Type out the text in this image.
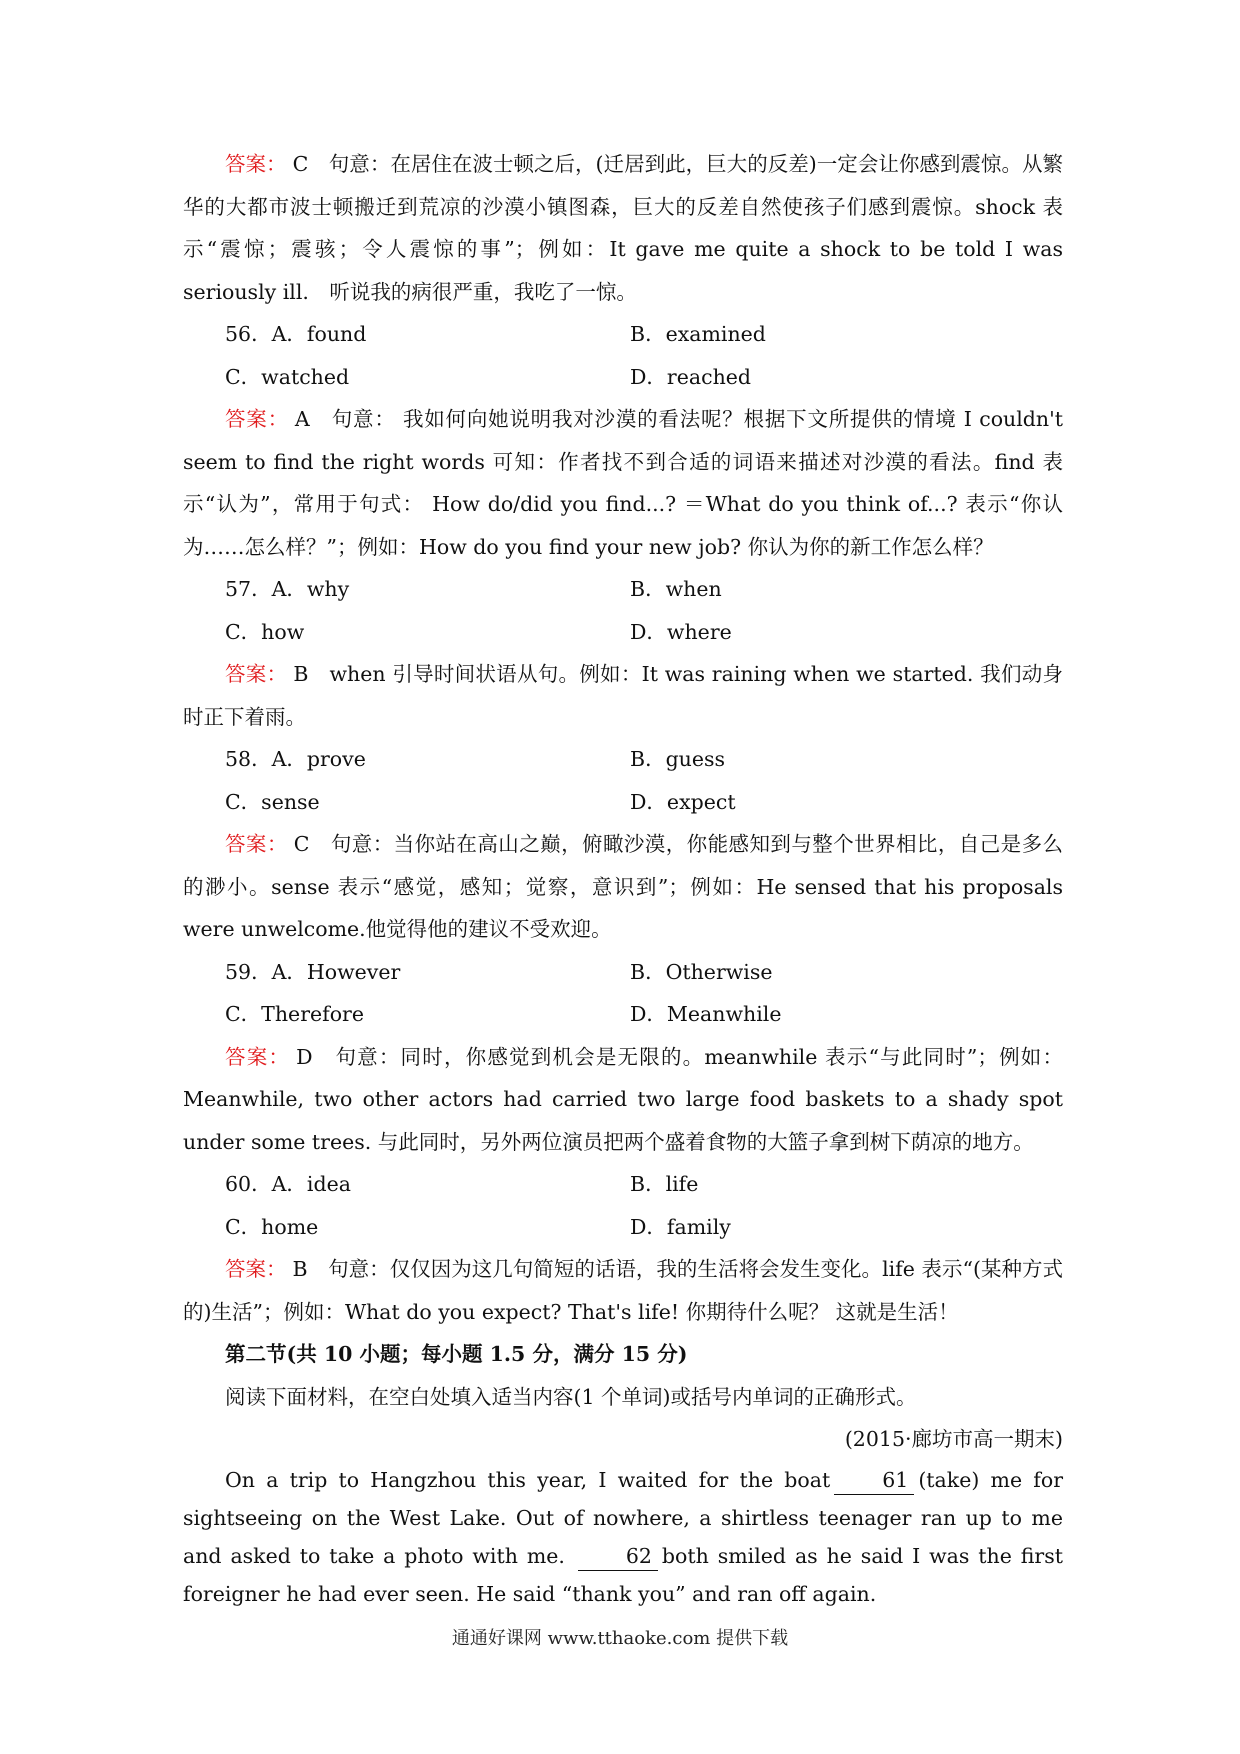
答案： C　句意：在居住在波士顿之后，(迁居到此，巨大的反差)一定会让你感到震惊。从繁华的大都市波士顿搬迁到荒凉的沙漠小镇图森，巨大的反差自然使孩子们感到震惊。shock 表示“震惊；震骇；令人震惊的事”；例如：It gave me quite a shock to be told I was seriously ill.　听说我的病很严重，我吃了一惊。

56．A．found	B．examined
C．watched	D．reached

答案： A　句意： 我如何向她说明我对沙漠的看法呢？根据下文所提供的情境 I couldn't seem to find the right words 可知：作者找不到合适的词语来描述对沙漠的看法。find 表示“认为”，常用于句式： How do/did you find...? ＝What do you think of...? 表示“你认为……怎么样？”；例如：How do you find your new job? 你认为你的新工作怎么样？

57．A．why	B．when
C．how	D．where

答案： B　when 引导时间状语从句。例如：It was raining when we started. 我们动身时正下着雨。

58．A．prove	B．guess
C．sense	D．expect

答案： C　句意：当你站在高山之巅，俯瞰沙漠，你能感知到与整个世界相比，自己是多么的渺小。sense 表示“感觉，感知；觉察，意识到”；例如：He sensed that his proposals were unwelcome.他觉得他的建议不受欢迎。

59．A．However	B．Otherwise
C．Therefore	D．Meanwhile

答案： D　句意：同时，你感觉到机会是无限的。meanwhile 表示“与此同时”；例如：Meanwhile, two other actors had carried two large food baskets to a shady spot under some trees. 与此同时，另外两位演员把两个盛着食物的大篮子拿到树下荫凉的地方。

60．A．idea	B．life
C．home	D．family

答案： B　句意：仅仅因为这几句简短的话语，我的生活将会发生变化。life 表示“(某种方式的)生活”；例如：What do you expect? That's life! 你期待什么呢？ 这就是生活！

第二节(共 10 小题；每小题 1.5 分，满分 15 分)

阅读下面材料，在空白处填入适当内容(1 个单词)或括号内单词的正确形式。

(2015·廊坊市高一期末)

On a trip to Hangzhou this year, I waited for the boat	61 (take) me for sightseeing on the West Lake. Out of nowhere, a shirtless teenager ran up to me and asked to take a photo with me.	62 both smiled as he said I was the first foreigner he had ever seen. He said “thank you” and ran off again.

通通好课网 www.tthaoke.com 提供下载
